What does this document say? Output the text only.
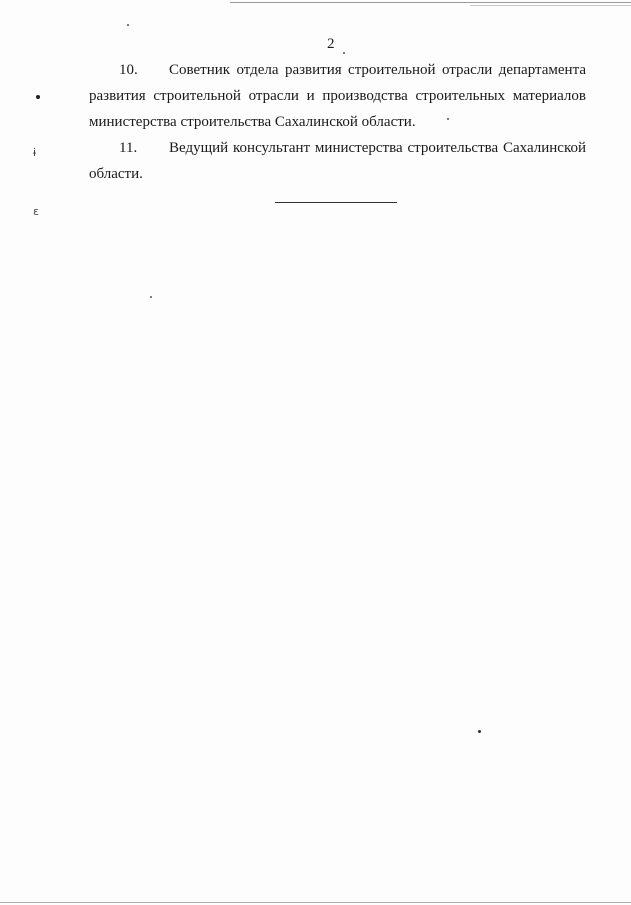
2
10. Советник отдела развития строительной отрасли департамента
развития строительной отрасли и производства строительных материалов министерства строительства Сахалинской области.
11. Ведущий консультант министерства строительства Сахалинской
области.
ɨ
ɛ
